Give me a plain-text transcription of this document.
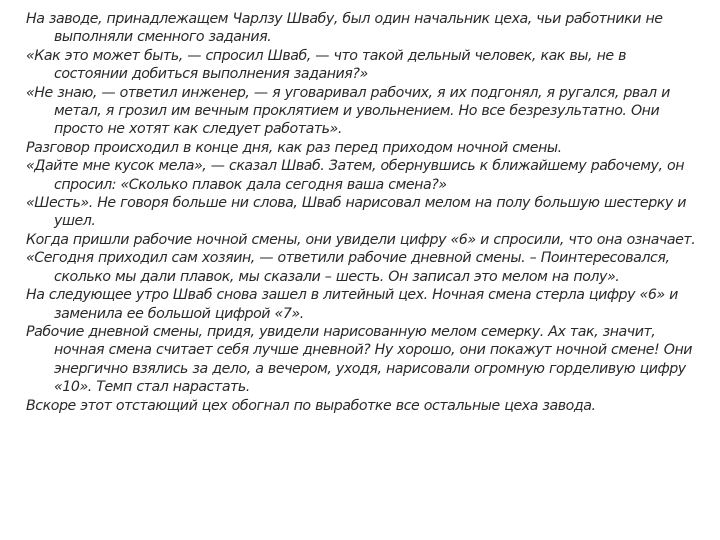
На заводе, принадлежащем Чарлзу Швабу, был один начальник цеха, чьи работники не выполняли сменного задания.

«Как это может быть, — спросил Шваб, — что такой дельный человек, как вы, не в состоянии добиться выполнения задания?»

«Не знаю, — ответил инженер, — я уговаривал рабочих, я их подгонял, я ругался, рвал и метал, я грозил им вечным проклятием и увольнением. Но все безрезультатно. Они просто не хотят как следует работать».

Разговор происходил в конце дня, как раз перед приходом ночной смены.

«Дайте мне кусок мела», — сказал Шваб. Затем, обернувшись к ближайшему рабочему, он спросил: «Сколько плавок дала сегодня ваша смена?»

«Шесть». Не говоря больше ни слова, Шваб нарисовал мелом на полу большую шестерку и ушел.

Когда пришли рабочие ночной смены, они увидели цифру «6» и спросили, что она означает.

«Сегодня приходил сам хозяин, — ответили рабочие дневной смены. – Поинтересовался, сколько мы дали плавок, мы сказали – шесть. Он записал это мелом на полу».

На следующее утро Шваб снова зашел в литейный цех. Ночная смена стерла цифру «6» и заменила ее большой цифрой «7».

Рабочие дневной смены, придя, увидели нарисованную мелом семерку. Ах так, значит, ночная смена считает себя лучше дневной? Ну хорошо, они покажут ночной смене! Они энергично взялись за дело, а вечером, уходя, нарисовали огромную горделивую цифру «10». Темп стал нарастать.

Вскоре этот отстающий цех обогнал по выработке все остальные цеха завода.
